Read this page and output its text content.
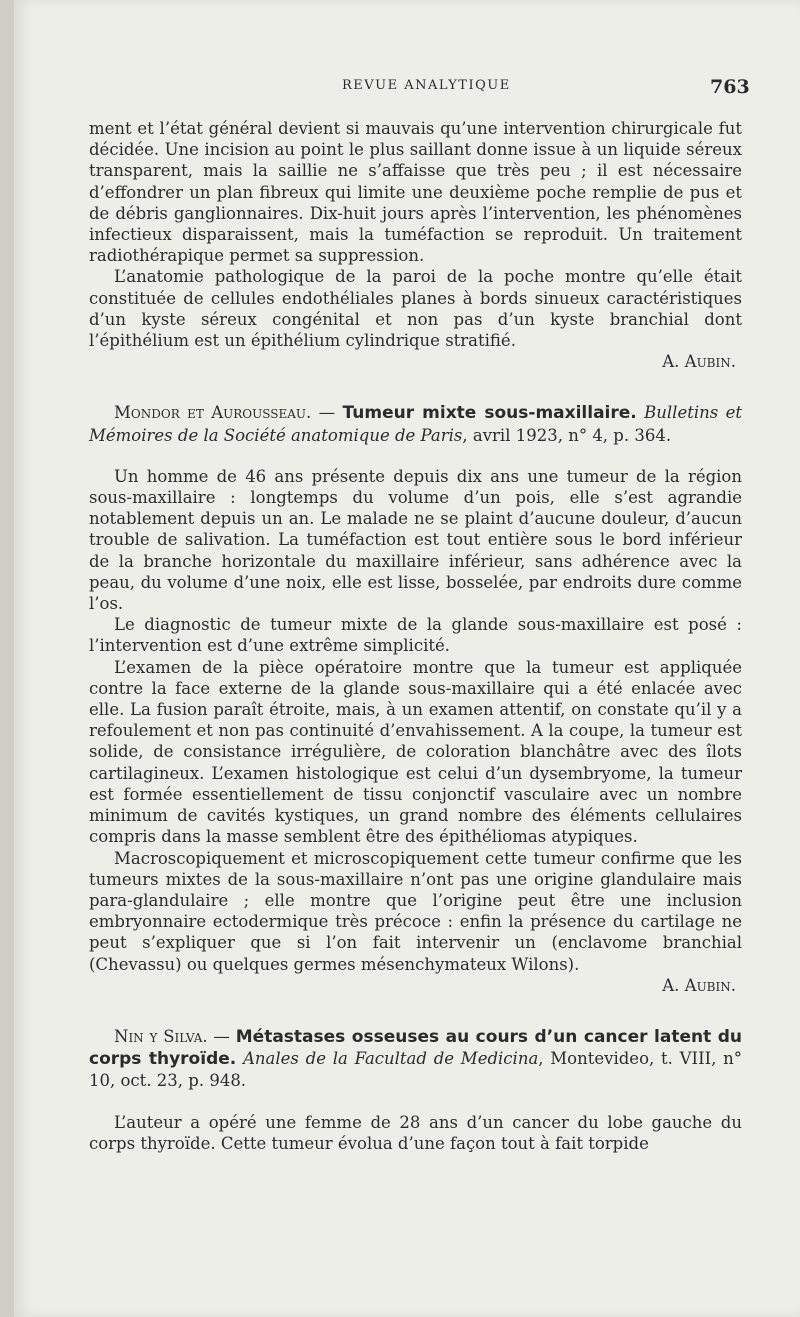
REVUE ANALYTIQUE	763

ment et l’état général devient si mauvais qu’une intervention chirurgicale fut décidée. Une incision au point le plus saillant donne issue à un liquide séreux transparent, mais la saillie ne s’affaisse que très peu ; il est nécessaire d’effondrer un plan fibreux qui limite une deuxième poche remplie de pus et de débris ganglionnaires. Dix-huit jours après l’intervention, les phénomènes infectieux disparaissent, mais la tuméfaction se reproduit. Un traitement radiothérapique permet sa suppression.

L’anatomie pathologique de la paroi de la poche montre qu’elle était constituée de cellules endothéliales planes à bords sinueux caractéristiques d’un kyste séreux congénital et non pas d’un kyste branchial dont l’épithélium est un épithélium cylindrique stratifié.

A. Aubin.

Mondor et Aurousseau. — Tumeur mixte sous-maxillaire. Bulletins et Mémoires de la Société anatomique de Paris, avril 1923, n° 4, p. 364.

Un homme de 46 ans présente depuis dix ans une tumeur de la région sous-maxillaire : longtemps du volume d’un pois, elle s’est agrandie notablement depuis un an. Le malade ne se plaint d’aucune douleur, d’aucun trouble de salivation. La tuméfaction est tout entière sous le bord inférieur de la branche horizontale du maxillaire inférieur, sans adhérence avec la peau, du volume d’une noix, elle est lisse, bosselée, par endroits dure comme l’os.

Le diagnostic de tumeur mixte de la glande sous-maxillaire est posé : l’intervention est d’une extrême simplicité.

L’examen de la pièce opératoire montre que la tumeur est appliquée contre la face externe de la glande sous-maxillaire qui a été enlacée avec elle. La fusion paraît étroite, mais, à un examen attentif, on constate qu’il y a refoulement et non pas continuité d’envahissement. A la coupe, la tumeur est solide, de consistance irrégulière, de coloration blanchâtre avec des îlots cartilagineux. L’examen histologique est celui d’un dysembryome, la tumeur est formée essentiellement de tissu conjonctif vasculaire avec un nombre minimum de cavités kystiques, un grand nombre des éléments cellulaires compris dans la masse semblent être des épithéliomas atypiques.

Macroscopiquement et microscopiquement cette tumeur confirme que les tumeurs mixtes de la sous-maxillaire n’ont pas une origine glandulaire mais para-glandulaire ; elle montre que l’origine peut être une inclusion embryonnaire ectodermique très précoce : enfin la présence du cartilage ne peut s’expliquer que si l’on fait intervenir un (enclavome branchial (Chevassu) ou quelques germes mésenchymateux Wilons).

A. Aubin.

Nin y Silva. — Métastases osseuses au cours d’un cancer latent du corps thyroïde. Anales de la Facultad de Medicina, Montevideo, t. VIII, n° 10, oct. 23, p. 948.

L’auteur a opéré une femme de 28 ans d’un cancer du lobe gauche du corps thyroïde. Cette tumeur évolua d’une façon tout à fait torpide
